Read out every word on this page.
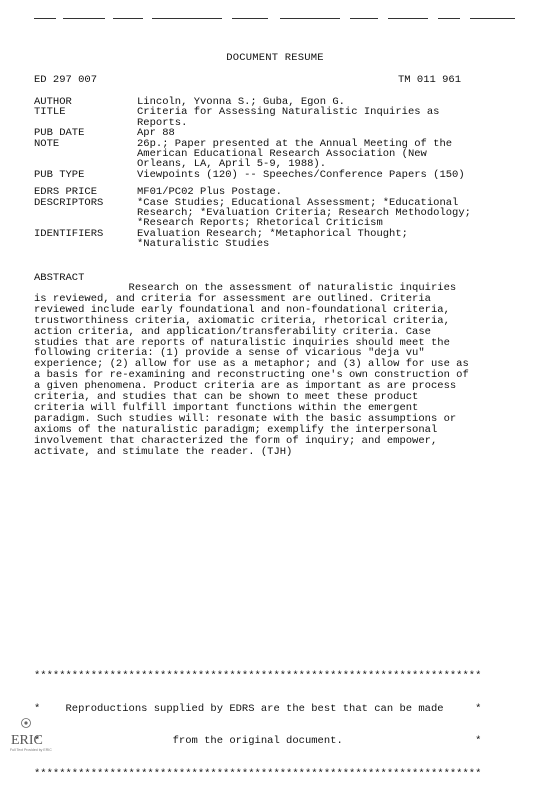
DOCUMENT RESUME
ED 297 007	TM 011 961
AUTHOR	Lincoln, Yvonna S.; Guba, Egon G.
TITLE	Criteria for Assessing Naturalistic Inquiries as
Reports.
PUB DATE	Apr 88
NOTE	26p.; Paper presented at the Annual Meeting of the
American Educational Research Association (New
Orleans, LA, April 5-9, 1988).
PUB TYPE	Viewpoints (120) -- Speeches/Conference Papers (150)
EDRS PRICE	MF01/PC02 Plus Postage.
DESCRIPTORS	*Case Studies; Educational Assessment; *Educational
Research; *Evaluation Criteria; Research Methodology;
*Research Reports; Rhetorical Criticism
IDENTIFIERS	Evaluation Research; *Metaphorical Thought;
*Naturalistic Studies
ABSTRACT
Research on the assessment of naturalistic inquiries
is reviewed, and criteria for assessment are outlined. Criteria
reviewed include early foundational and non-foundational criteria,
trustworthiness criteria, axiomatic criteria, rhetorical criteria,
action criteria, and application/transferability criteria. Case
studies that are reports of naturalistic inquiries should meet the
following criteria: (1) provide a sense of vicarious "deja vu"
experience; (2) allow for use as a metaphor; and (3) allow for use as
a basis for re-examining and reconstructing one's own construction of
a given phenomena. Product criteria are as important as are process
criteria, and studies that can be shown to meet these product
criteria will fulfill important functions within the emergent
paradigm. Such studies will: resonate with the basic assumptions or
axioms of the naturalistic paradigm; exemplify the interpersonal
involvement that characterized the form of inquiry; and empower,
activate, and stimulate the reader. (TJH)

***********************************************************************

*    Reproductions supplied by EDRS are the best that can be made     *

*                     from the original document.                     *

***********************************************************************

ERIC
Full Text Provided by ERIC
